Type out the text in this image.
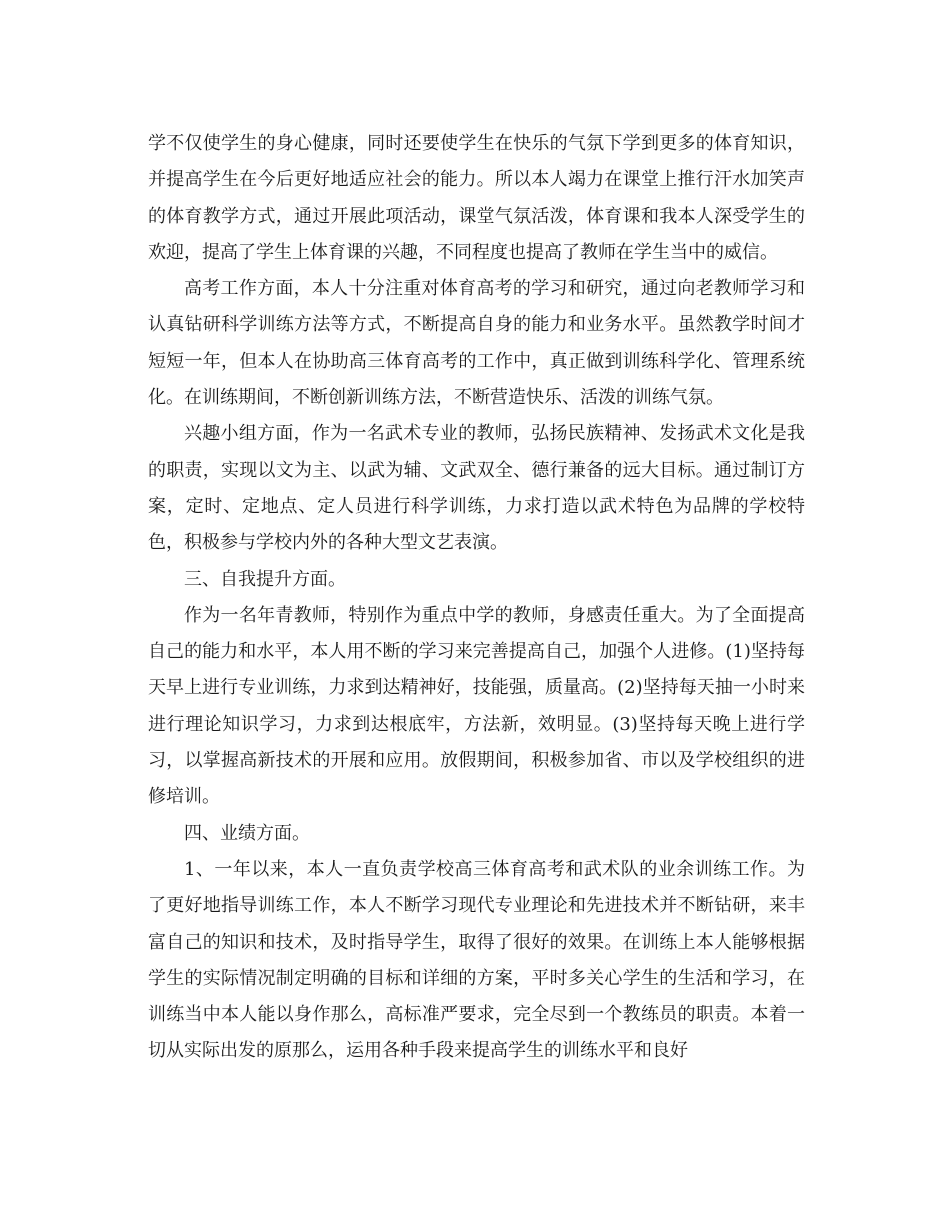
学不仅使学生的身心健康，同时还要使学生在快乐的气氛下学到更多的体育知识，并提高学生在今后更好地适应社会的能力。所以本人竭力在课堂上推行汗水加笑声的体育教学方式，通过开展此项活动，课堂气氛活泼，体育课和我本人深受学生的欢迎，提高了学生上体育课的兴趣，不同程度也提高了教师在学生当中的威信。

高考工作方面，本人十分注重对体育高考的学习和研究，通过向老教师学习和认真钻研科学训练方法等方式，不断提高自身的能力和业务水平。虽然教学时间才短短一年，但本人在协助高三体育高考的工作中，真正做到训练科学化、管理系统化。在训练期间，不断创新训练方法，不断营造快乐、活泼的训练气氛。

兴趣小组方面，作为一名武术专业的教师，弘扬民族精神、发扬武术文化是我的职责，实现以文为主、以武为辅、文武双全、德行兼备的远大目标。通过制订方案，定时、定地点、定人员进行科学训练，力求打造以武术特色为品牌的学校特色，积极参与学校内外的各种大型文艺表演。

三、自我提升方面。

作为一名年青教师，特别作为重点中学的教师，身感责任重大。为了全面提高自己的能力和水平，本人用不断的学习来完善提高自己，加强个人进修。(1)坚持每天早上进行专业训练，力求到达精神好，技能强，质量高。(2)坚持每天抽一小时来进行理论知识学习，力求到达根底牢，方法新，效明显。(3)坚持每天晚上进行学习，以掌握高新技术的开展和应用。放假期间，积极参加省、市以及学校组织的进修培训。

四、业绩方面。

1、一年以来，本人一直负责学校高三体育高考和武术队的业余训练工作。为了更好地指导训练工作，本人不断学习现代专业理论和先进技术并不断钻研，来丰富自己的知识和技术，及时指导学生，取得了很好的效果。在训练上本人能够根据学生的实际情况制定明确的目标和详细的方案，平时多关心学生的生活和学习，在训练当中本人能以身作那么，高标准严要求，完全尽到一个教练员的职责。本着一切从实际出发的原那么，运用各种手段来提高学生的训练水平和良好
